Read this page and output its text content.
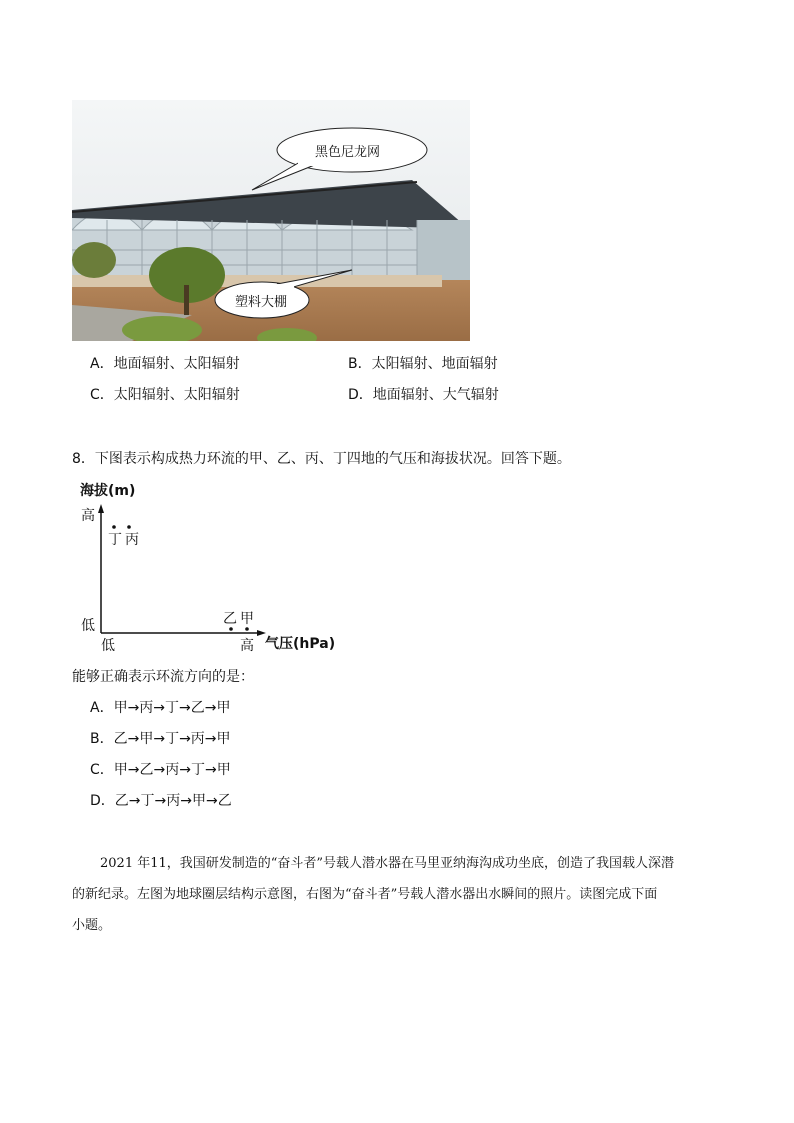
黑色尼龙网
塑料大棚
A．地面辐射、太阳辐射	B．太阳辐射、地面辐射
C．太阳辐射、太阳辐射	D．地面辐射、大气辐射
8．下图表示构成热力环流的甲、乙、丙、丁四地的气压和海拔状况。回答下题。
海拔(m)
高
低
低	高 气压(hPa)
丁 丙
乙 甲
能够正确表示环流方向的是：
A．甲→丙→丁→乙→甲
B．乙→甲→丁→丙→甲
C．甲→乙→丙→丁→甲
D．乙→丁→丙→甲→乙
2021 年11，我国研发制造的“奋斗者”号载人潜水器在马里亚纳海沟成功坐底，创造了我国载人深潜
的新纪录。左图为地球圈层结构示意图，右图为“奋斗者”号载人潜水器出水瞬间的照片。读图完成下面
小题。
